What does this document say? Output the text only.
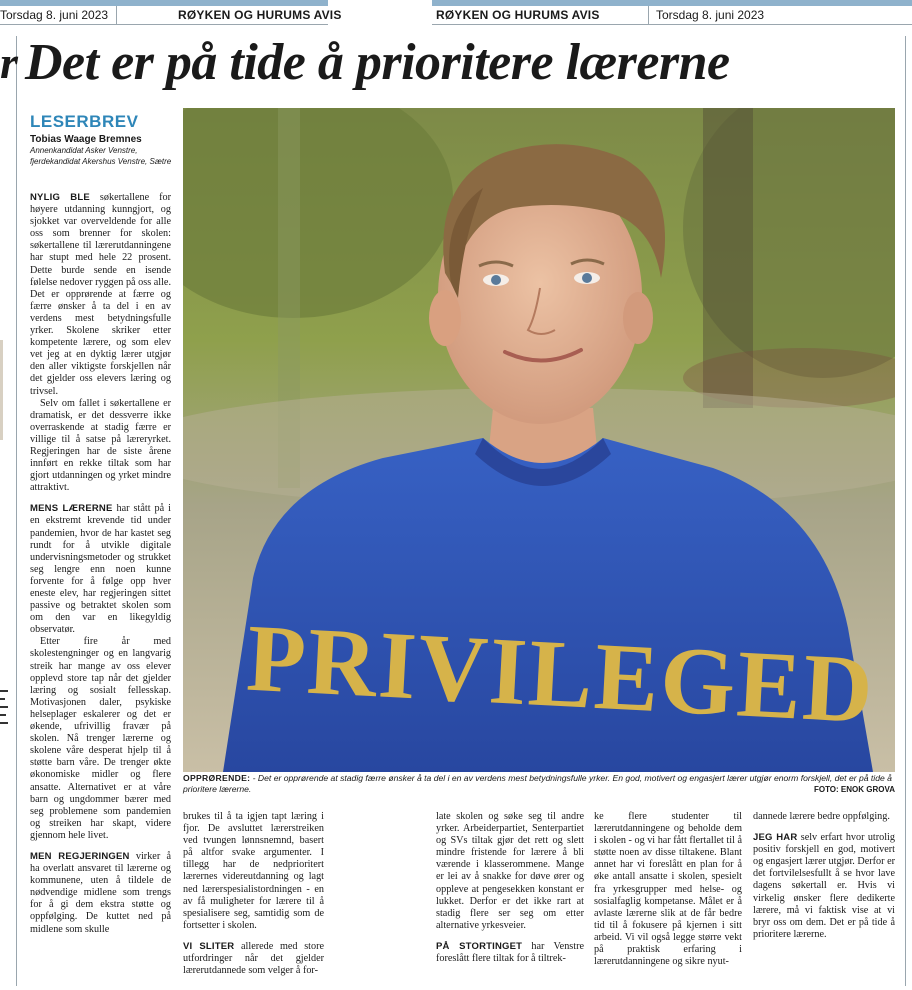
Torsdag 8. juni 2023	RØYKEN OG HURUMS AVIS	RØYKEN OG HURUMS AVIS	Torsdag 8. juni 2023
r Det er på tide å prioritere lærerne
LESERBREV
Tobias Waage Bremnes
Annenkandidat Asker Venstre, fjerdekandidat Akershus Venstre, Sætre

NYLIG BLE søkertallene for høyere utdanning kunngjort, og sjokket var overveldende for alle oss som brenner for skolen: søkertallene til lærerutdanningene har stupt med hele 22 prosent. Dette burde sende en isende følelse nedover ryggen på oss alle. Det er opprørende at færre og færre ønsker å ta del i en av verdens mest betydningsfulle yrker. Skolene skriker etter kompetente lærere, og som elev vet jeg at en dyktig lærer utgjør den aller viktigste forskjellen når det gjelder oss elevers læring og trivsel.

Selv om fallet i søkertallene er dramatisk, er det dessverre ikke overraskende at stadig færre er villige til å satse på læreryrket. Regjeringen har de siste årene innført en rekke tiltak som har gjort utdanningen og yrket mindre attraktivt.

MENS LÆRERNE har stått på i en ekstremt krevende tid under pandemien, hvor de har kastet seg rundt for å utvikle digitale undervisningsmetoder og strukket seg lengre enn noen kunne forvente for å følge opp hver eneste elev, har regjeringen sittet passive og betraktet skolen som om den var en likegyldig observatør.

Etter fire år med skolestengninger og en langvarig streik har mange av oss elever opplevd store tap når det gjelder læring og sosialt fellesskap. Motivasjonen daler, psykiske helseplager eskalerer og det er økende, ufrivillig fravær på skolen. Nå trenger lærerne og skolene våre desperat hjelp til å støtte barn våre. De trenger økte økonomiske midler og flere ansatte. Alternativet er at våre barn og ungdommer bærer med seg problemene som pandemien og streiken har skapt, videre gjennom hele livet.

MEN REGJERINGEN virker å ha overlatt ansvaret til lærerne og kommunene, uten å tildele de nødvendige midlene som trengs for å gi dem ekstra støtte og oppfølging. De kuttet ned på midlene som skulle

PRIVILEGED
OPPRØRENDE: - Det er opprørende at stadig færre ønsker å ta del i en av verdens mest betydningsfulle yrker. En god, motivert og engasjert lærer utgjør enorm forskjell, det er på tide å prioritere lærerne.	FOTO: ENOK GROVA

brukes til å ta igjen tapt læring i fjor. De avsluttet lærerstreiken ved tvungen lønnsnemnd, basert på altfor svake argumenter. I tillegg har de nedprioritert lærernes videreutdanning og lagt ned lærerspesialistordningen - en av få muligheter for lærere til å spesialisere seg, samtidig som de fortsetter i skolen.

VI SLITER allerede med store utfordringer når det gjelder lærerutdannede som velger å for-

late skolen og søke seg til andre yrker. Arbeiderpartiet, Senterpartiet og SVs tiltak gjør det rett og slett mindre fristende for lærere å bli værende i klasserommene. Mange er lei av å snakke for døve ører og oppleve at pengesekken konstant er lukket. Derfor er det ikke rart at stadig flere ser seg om etter alternative yrkesveier.

PÅ STORTINGET har Venstre foreslått flere tiltak for å tiltrek-

ke flere studenter til lærerutdanningene og beholde dem i skolen - og vi har fått flertallet til å støtte noen av disse tiltakene. Blant annet har vi foreslått en plan for å øke antall ansatte i skolen, spesielt fra yrkesgrupper med helse- og sosialfaglig kompetanse. Målet er å avlaste lærerne slik at de får bedre tid til å fokusere på kjernen i sitt arbeid. Vi vil også legge større vekt på praktisk erfaring i lærerutdanningene og sikre nyut-

dannede lærere bedre oppfølging.

JEG HAR selv erfart hvor utrolig positiv forskjell en god, motivert og engasjert lærer utgjør. Derfor er det fortvilelsesfullt å se hvor lave dagens søkertall er. Hvis vi virkelig ønsker flere dedikerte lærere, må vi faktisk vise at vi bryr oss om dem. Det er på tide å prioritere lærerne.
